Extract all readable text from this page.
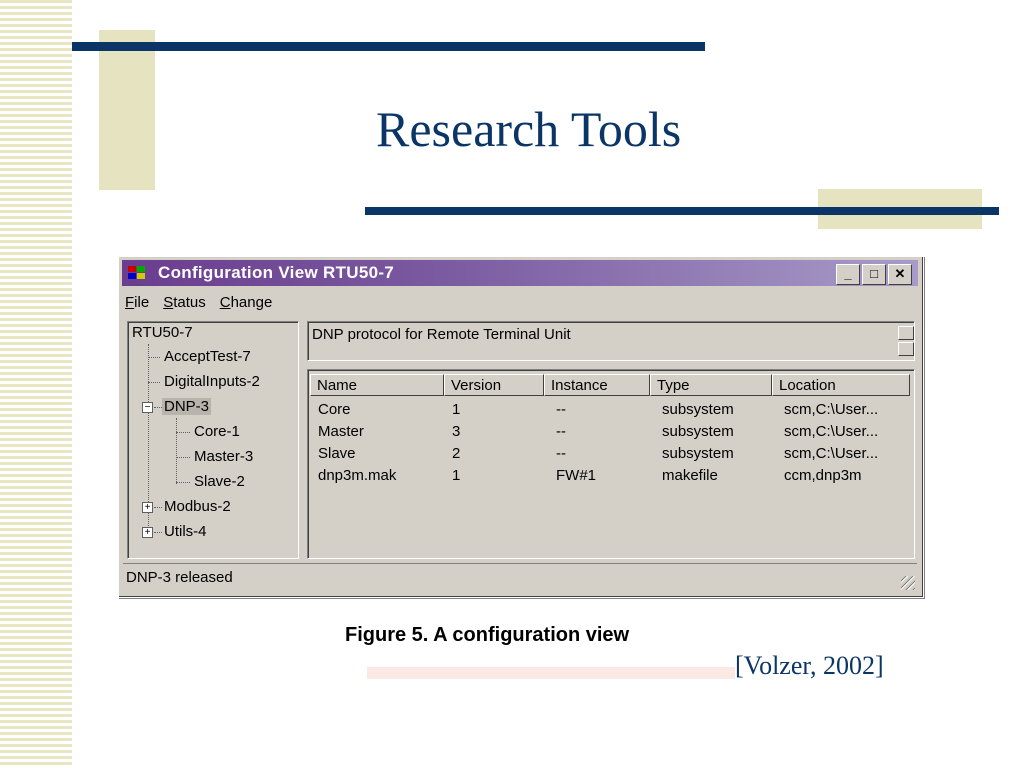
Research Tools
Configuration View RTU50-7	_	□	✕
File Status Change
RTU50-7
AcceptTest-7
DigitalInputs-2
− DNP-3
Core-1
Master-3
Slave-2
+ Modbus-2
+ Utils-4
DNP protocol for Remote Terminal Unit
Name	Version	Instance	Type	Location
Core	1	--	subsystem	scm,C:\User...
Master	3	--	subsystem	scm,C:\User...
Slave	2	--	subsystem	scm,C:\User...
dnp3m.mak	1	FW#1	makefile	ccm,dnp3m
DNP-3 released
Figure 5. A configuration view
[Volzer, 2002]
